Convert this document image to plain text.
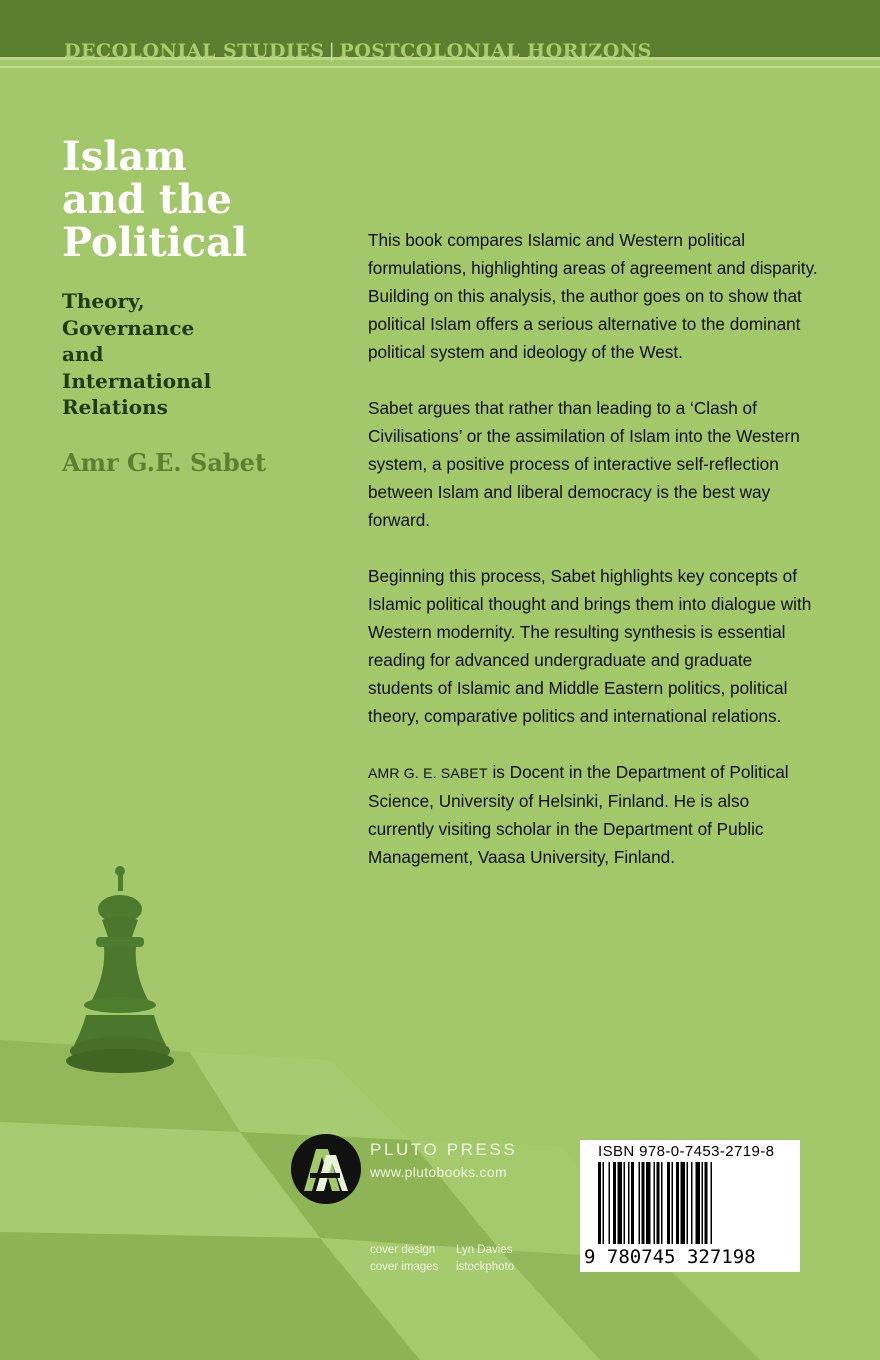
DECOLONIAL STUDIES | POSTCOLONIAL HORIZONS
Islam
and the
Political
Theory,
Governance
and
International
Relations
Amr G.E. Sabet

This book compares Islamic and Western political formulations, highlighting areas of agreement and disparity. Building on this analysis, the author goes on to show that political Islam offers a serious alternative to the dominant political system and ideology of the West.

Sabet argues that rather than leading to a ‘Clash of Civilisations’ or the assimilation of Islam into the Western system, a positive process of interactive self-reflection between Islam and liberal democracy is the best way forward.

Beginning this process, Sabet highlights key concepts of Islamic political thought and brings them into dialogue with Western modernity. The resulting synthesis is essential reading for advanced undergraduate and graduate students of Islamic and Middle Eastern politics, political theory, comparative politics and international relations.

AMR G. E. SABET is Docent in the Department of Political Science, University of Helsinki, Finland. He is also currently visiting scholar in the Department of Public Management, Vaasa University, Finland.

PLUTO PRESS
www.plutobooks.com
cover design	Lyn Davies
cover images	istockphoto
ISBN 978-0-7453-2719-8
9 780745 327198
